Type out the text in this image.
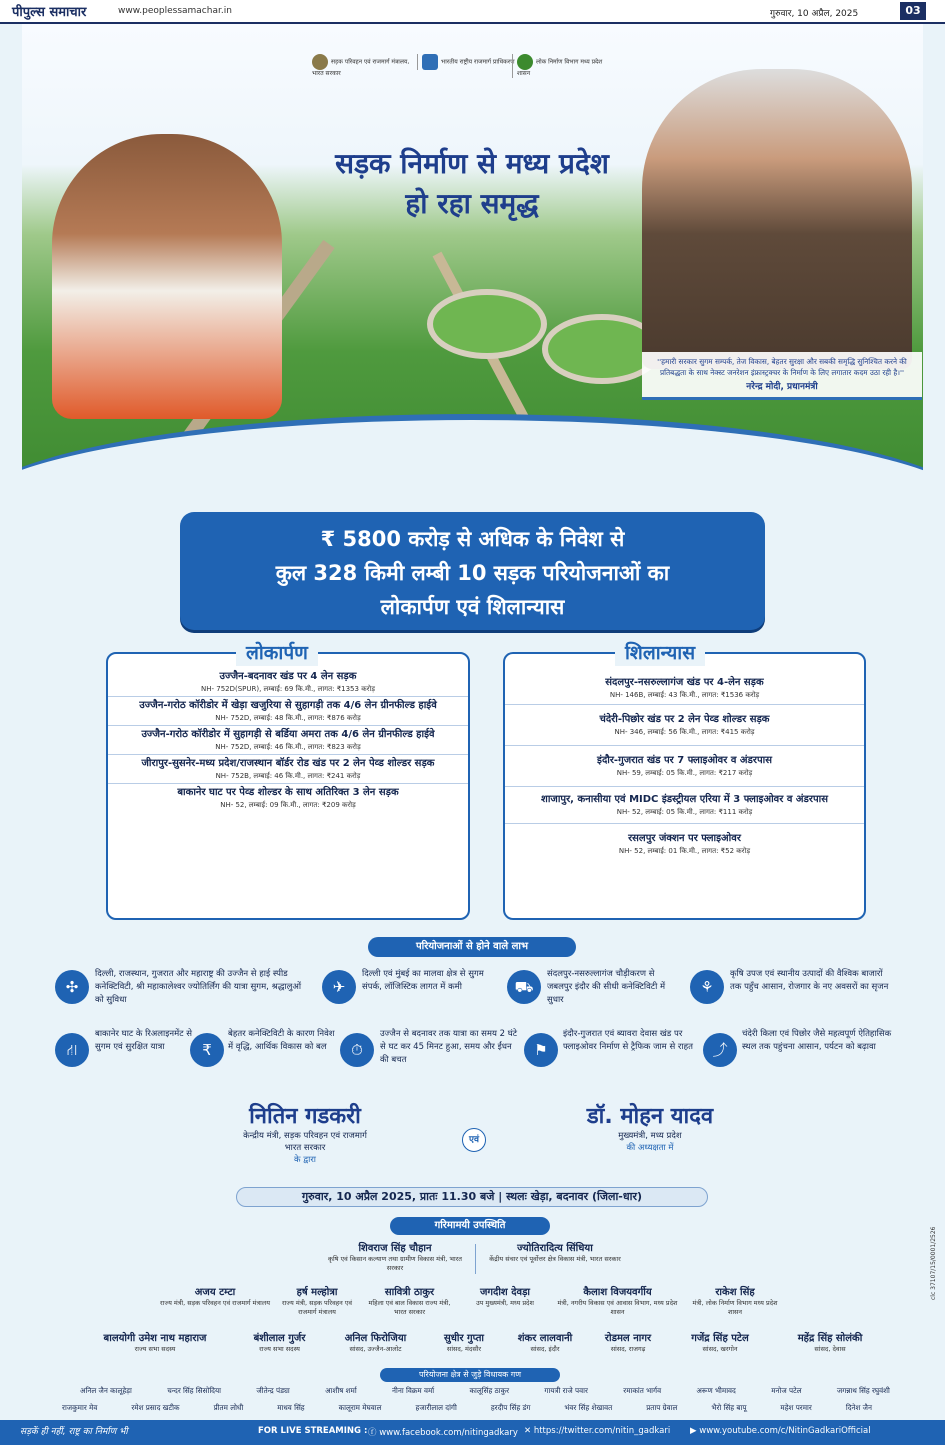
पीपुल्स समाचार	www.peoplessamachar.in	गुरुवार, 10 अप्रैल, 2025	03
सड़क परिवहन एवं राजमार्ग मंत्रालय, भारत सरकार
भारतीय राष्ट्रीय राजमार्ग प्राधिकरण	लोक निर्माण विभाग मध्य प्रदेश शासन
सड़क निर्माण से मध्य प्रदेश
हो रहा समृद्ध
''हमारी सरकार सुगम सम्पर्क, तेज विकास, बेहतर सुरक्षा और सबकी समृद्धि सुनिश्चित करने की प्रतिबद्धता के साथ नेक्स्ट जनरेशन इंफ्रास्ट्रक्चर के निर्माण के लिए लगातार कदम उठा रही है।''
नरेन्द्र मोदी, प्रधानमंत्री
₹ 5800 करोड़ से अधिक के निवेश से
कुल 328 किमी लम्बी 10 सड़क परियोजनाओं का
लोकार्पण एवं शिलान्यास
लोकार्पण
उज्जैन-बदनावर खंड पर 4 लेन सड़क
NH- 752D(SPUR), लम्बाई: 69 कि.मी., लागत: ₹1353 करोड़
उज्जैन-गरोठ कॉरीडोर में खेड़ा खजुरिया से सुहागड़ी तक 4/6 लेन ग्रीनफील्ड हाईवे
NH- 752D, लम्बाई: 48 कि.मी., लागत: ₹876 करोड़
उज्जैन-गरोठ कॉरीडोर में सुहागड़ी से बर्डिया अमरा तक 4/6 लेन ग्रीनफील्ड हाईवे
NH- 752D, लम्बाई: 46 कि.मी., लागत: ₹823 करोड़
जीरापुर-सुसनेर-मध्य प्रदेश/राजस्थान बॉर्डर रोड खंड पर 2 लेन पेव्ड शोल्डर सड़क
NH- 752B, लम्बाई: 46 कि.मी., लागत: ₹241 करोड़
बाकानेर घाट पर पेव्ड शोल्डर के साथ अतिरिक्त 3 लेन सड़क
NH- 52, लम्बाई: 09 कि.मी., लागत: ₹209 करोड़
शिलान्यास
संदलपुर-नसरुल्लागंज खंड पर 4-लेन सड़क
NH- 146B, लम्बाई: 43 कि.मी., लागत: ₹1536 करोड़
चंदेरी-पिछोर खंड पर 2 लेन पेव्ड शोल्डर सड़क
NH- 346, लम्बाई: 56 कि.मी., लागत: ₹415 करोड़
इंदौर-गुजरात खंड पर 7 फ्लाइओवर व अंडरपास
NH- 59, लम्बाई: 05 कि.मी., लागत: ₹217 करोड़
शाजापुर, कनासीया एवं MIDC इंडस्ट्रीयल एरिया में 3 फ्लाइओवर व अंडरपास
NH- 52, लम्बाई: 05 कि.मी., लागत: ₹111 करोड़
रसलपुर जंक्शन पर फ्लाइओवर
NH- 52, लम्बाई: 01 कि.मी., लागत: ₹52 करोड़
परियोजनाओं से होने वाले लाभ
✣
दिल्ली, राजस्थान, गुजरात और महाराष्ट्र की उज्जैन से हाई स्पीड कनेक्टिविटी, श्री महाकालेश्वर ज्योतिर्लिंग की यात्रा सुगम, श्रद्धालुओं को सुविधा
✈
दिल्ली एवं मुंबई का मालवा क्षेत्र से सुगम संपर्क, लॉजिस्टिक लागत में कमी	⛟
संदलपुर-नसरुल्लागंज चौड़ीकरण से जबलपुर इंदौर की सीधी कनेक्टिविटी में सुधार
⚘
कृषि उपज एवं स्थानीय उत्पादों की वैश्विक बाजारों तक पहुँच आसान, रोजगार के नए अवसरों का सृजन
⛙
बाकानेर घाट के रिअलाइनमेंट से सुगम एवं सुरक्षित यात्रा	₹
बेहतर कनेक्टिविटी के कारण निवेश में वृद्धि, आर्थिक विकास को बल	⏱
उज्जैन से बदनावर तक यात्रा का समय 2 घंटे से घट कर 45 मिनट हुआ, समय और ईंधन की बचत
⚑
इंदौर-गुजरात एवं ब्यावरा देवास खंड पर फ्लाइओवर निर्माण से ट्रैफिक जाम से राहत	⤴
चंदेरी किला एवं पिछोर जैसे महत्वपूर्ण ऐतिहासिक स्थल तक पहुंचना आसान, पर्यटन को बढ़ावा
नितिन गडकरी
केन्द्रीय मंत्री, सड़क परिवहन एवं राजमार्ग
भारत सरकार
के द्वारा
एवं
डॉ. मोहन यादव
मुख्यमंत्री, मध्य प्रदेश
की अध्यक्षता में
गुरुवार, 10 अप्रैल 2025, प्रातः 11.30 बजे | स्थलः खेड़ा, बदनावर (जिला-धार)
गरिमामयी उपस्थिति
शिवराज सिंह चौहान
कृषि एवं किसान कल्याण तथा ग्रामीण विकास मंत्री, भारत सरकार
ज्योतिरादित्य सिंधिया
केंद्रीय संचार एवं पूर्वोत्तर क्षेत्र विकास मंत्री, भारत सरकार
अजय टम्टा
राज्य मंत्री, सड़क परिवहन एवं राजमार्ग मंत्रालय
हर्ष मल्होत्रा
राज्य मंत्री, सड़क परिवहन एवं राजमार्ग मंत्रालय
सावित्री ठाकुर
महिला एवं बाल विकास राज्य मंत्री, भारत सरकार
जगदीश देवड़ा
उप मुख्यमंत्री, मध्य प्रदेश
कैलाश विजयवर्गीय
मंत्री, नगरीय विकास एवं आवास विभाग, मध्य प्रदेश शासन
राकेश सिंह
मंत्री, लोक निर्माण विभाग मध्य प्रदेश शासन
बालयोगी उमेश नाथ महाराज
राज्य सभा सदस्य
बंशीलाल गुर्जर
राज्य सभा सदस्य
अनिल फिरोजिया
सांसद, उज्जैन-आलोट
सुधीर गुप्ता
सांसद, मंदसौर
शंकर लालवानी
सांसद, इंदौर
रोडमल नागर
सांसद, राजगढ़
गजेंद्र सिंह पटेल
सांसद, खरगोन
महेंद्र सिंह सोलंकी
सांसद, देवास
परियोजना क्षेत्र से जुड़े विधायक गण
अनिल जैन कालूहेड़ा	चन्दर सिंह सिसोदिया	जीतेन्द्र पंड्या	आशीष शर्मा	नीना विक्रम वर्मा	कालूसिंह ठाकुर	गायत्री राजे पवार	रमाकांत भार्गव	अरूण भीमावद	मनोज पटेल	जगन्नाथ सिंह रघुवंशी
राजकुमार मेव	रमेश प्रसाद खटीक	प्रीतम लोधी	माधव सिंह	कालूराम मेघवाल	हजारीलाल दांगी	हरदीप सिंह डंग	भंवर सिंह शेखावत	प्रताप ग्रेवाल	भैरो सिंह बापू	महेश परमार	दिनेश जैन
सड़कें ही नहीं, राष्ट्र का निर्माण भी	FOR LIVE STREAMING : ⓕ www.facebook.com/nitingadkary ✕ https://twitter.com/nitin_gadkari ▶ www.youtube.com/c/NitinGadkariOfficial
clc 37107/15/0001/2526
